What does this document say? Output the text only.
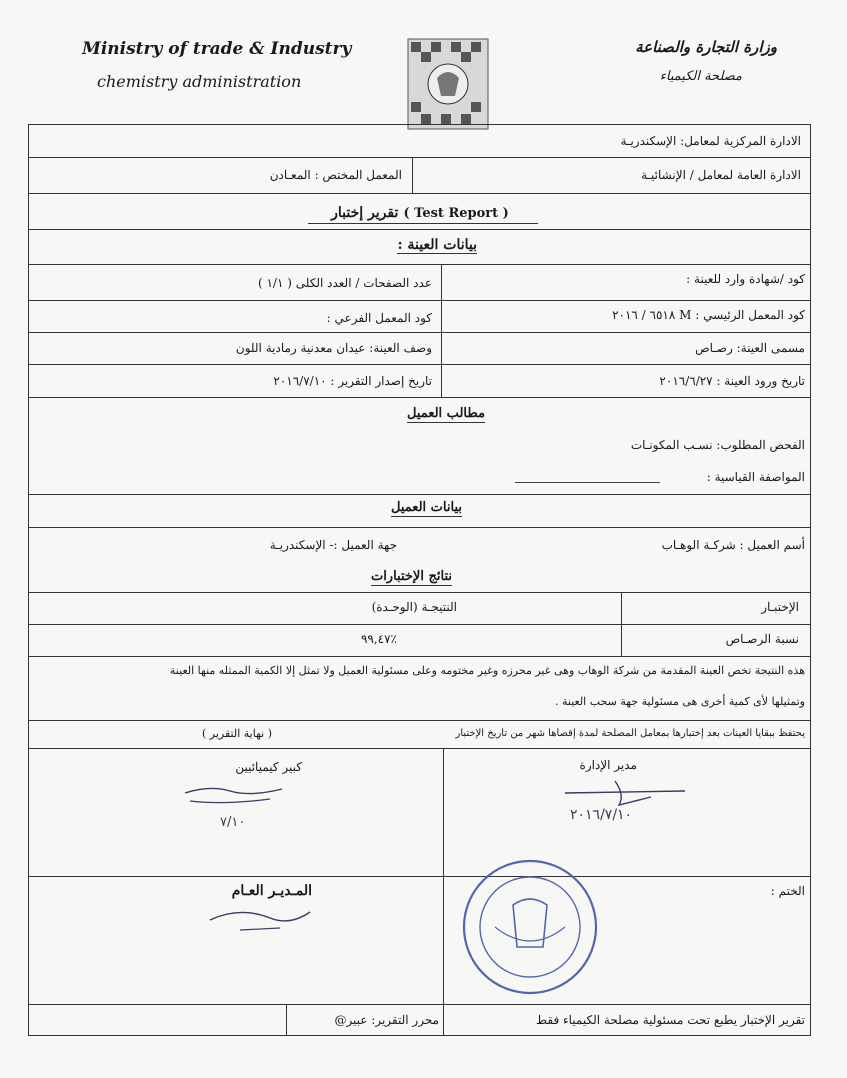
Ministry of trade & Industry
chemistry administration
وزارة التجارة والصناعة
مصلحة الكيمياء
الادارة المركزية لمعامل: الإسكندريـة
الادارة العامة لمعامل / الإنشائيـة
المعمل المختص : المعـادن
تقرير إختبار ( Test Report )
بيانات العينة :
كود /شهادة وارد للعينة :
عدد الصفحات / العدد الكلى ( ١/١ )
كود المعمل الرئيسي : M ٦٥١٨ / ٢٠١٦
كود المعمل الفرعي :
مسمى العينة: رصـاص
وصف العينة: عيدان معدنية رمادية اللون
تاريخ ورود العينة : ٢٠١٦/٦/٢٧
تاريخ إصدار التقرير : ٢٠١٦/٧/١٠
مطالب العميل
الفحص المطلوب: نسـب المكونـات
المواصفة القياسية :
بيانات العميل
أسم العميل : شركـة الوهـاب
جهة العميل :- الإسكندريـة
نتائج الإختبارات
الإختبـار
النتيجـة (الوحـدة)
نسبة الرصـاص
٪٩٩,٤٧
هذه النتيجة تخص العينة المقدمة من شركة الوهاب وهى غير محرزه وغير مختومه وعلى مسئولية العميل ولا تمثل إلا الكمية الممثله منها العينة
وتمثيلها لأى كمية أخرى هى مسئولية جهة سحب العينة .
يحتفظ ببقايا العينات بعد إختبارها بمعامل المصلحة لمدة إقصاها شهر من تاريخ الإختبار
( نهاية التقرير )
مدير الإدارة
كبير كيميائيين
٢٠١٦/٧/١٠
٧/١٠
الختم :
المـديـر العـام
تقرير الإختبار يطبع تحت مسئولية مصلحة الكيمياء فقط
محرر التقرير: عبير@
